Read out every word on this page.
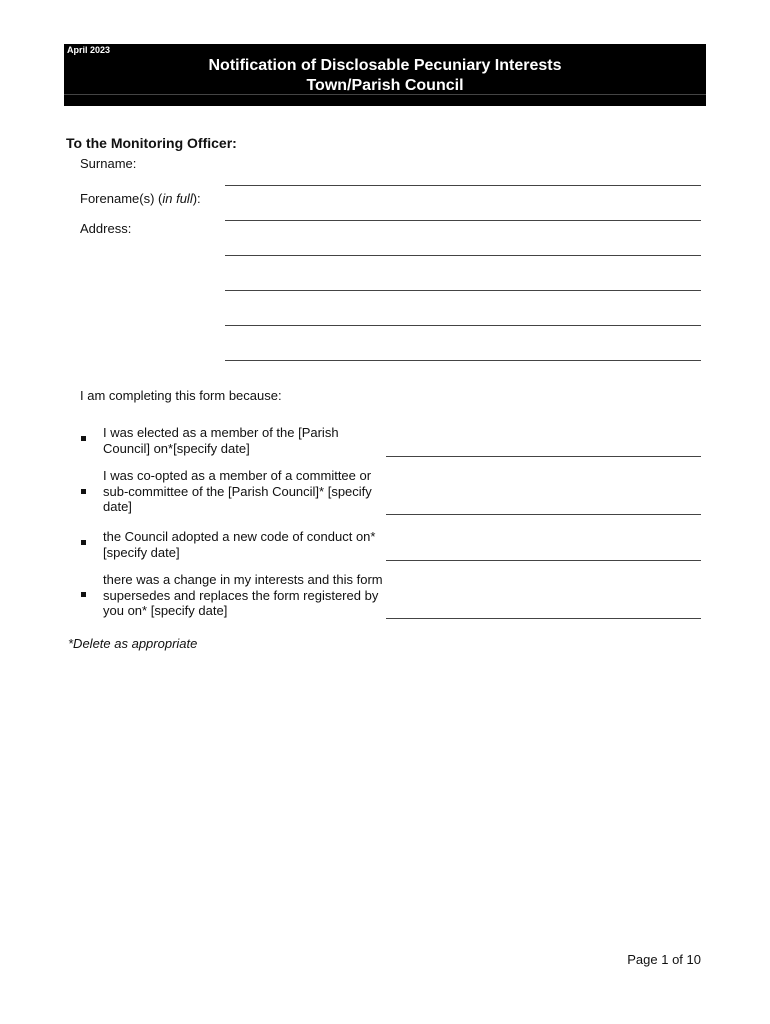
April 2023
Notification of Disclosable Pecuniary Interests
Town/Parish Council
To the Monitoring Officer:
Surname:
Forename(s) (in full):
Address:
I am completing this form because:
I was elected as a member of the [Parish Council] on*[specify date]
I was co-opted as a member of a committee or sub-committee of the [Parish Council]* [specify date]
the Council adopted a new code of conduct on* [specify date]
there was a change in my interests and this form supersedes and replaces the form registered by you on* [specify date]
*Delete as appropriate
Page 1 of 10
